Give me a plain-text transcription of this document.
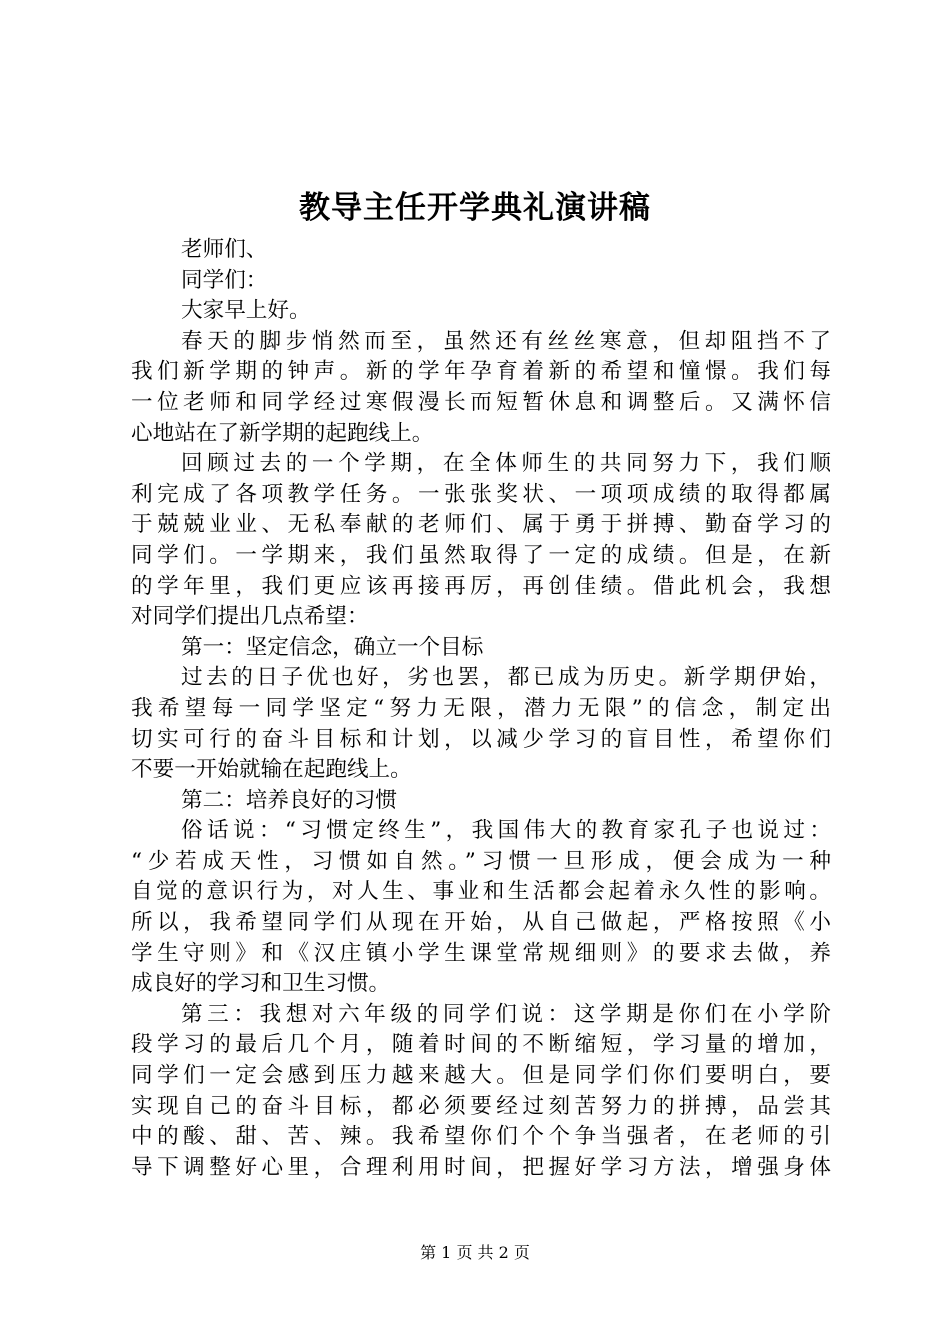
教导主任开学典礼演讲稿
老师们、
同学们：
大家早上好。
春天的脚步悄然而至，虽然还有丝丝寒意，但却阻挡不了
我们新学期的钟声。新的学年孕育着新的希望和憧憬。我们每
一位老师和同学经过寒假漫长而短暂休息和调整后。又满怀信
心地站在了新学期的起跑线上。
回顾过去的一个学期，在全体师生的共同努力下，我们顺
利完成了各项教学任务。一张张奖状、一项项成绩的取得都属
于兢兢业业、无私奉献的老师们、属于勇于拼搏、勤奋学习的
同学们。一学期来，我们虽然取得了一定的成绩。但是，在新
的学年里，我们更应该再接再厉，再创佳绩。借此机会，我想
对同学们提出几点希望：
第一：坚定信念，确立一个目标
过去的日子优也好，劣也罢，都已成为历史。新学期伊始，
我希望每一同学坚定“努力无限，潜力无限”的信念，制定出
切实可行的奋斗目标和计划，以减少学习的盲目性，希望你们
不要一开始就输在起跑线上。
第二：培养良好的习惯
俗话说：“习惯定终生”，我国伟大的教育家孔子也说过：
“少若成天性，习惯如自然。”习惯一旦形成，便会成为一种
自觉的意识行为，对人生、事业和生活都会起着永久性的影响。
所以，我希望同学们从现在开始，从自己做起，严格按照《小
学生守则》和《汉庄镇小学生课堂常规细则》的要求去做，养
成良好的学习和卫生习惯。
第三：我想对六年级的同学们说：这学期是你们在小学阶
段学习的最后几个月，随着时间的不断缩短，学习量的增加，
同学们一定会感到压力越来越大。但是同学们你们要明白，要
实现自己的奋斗目标，都必须要经过刻苦努力的拼搏，品尝其
中的酸、甜、苦、辣。我希望你们个个争当强者，在老师的引
导下调整好心里，合理利用时间，把握好学习方法，增强身体
第 1 页 共 2 页
